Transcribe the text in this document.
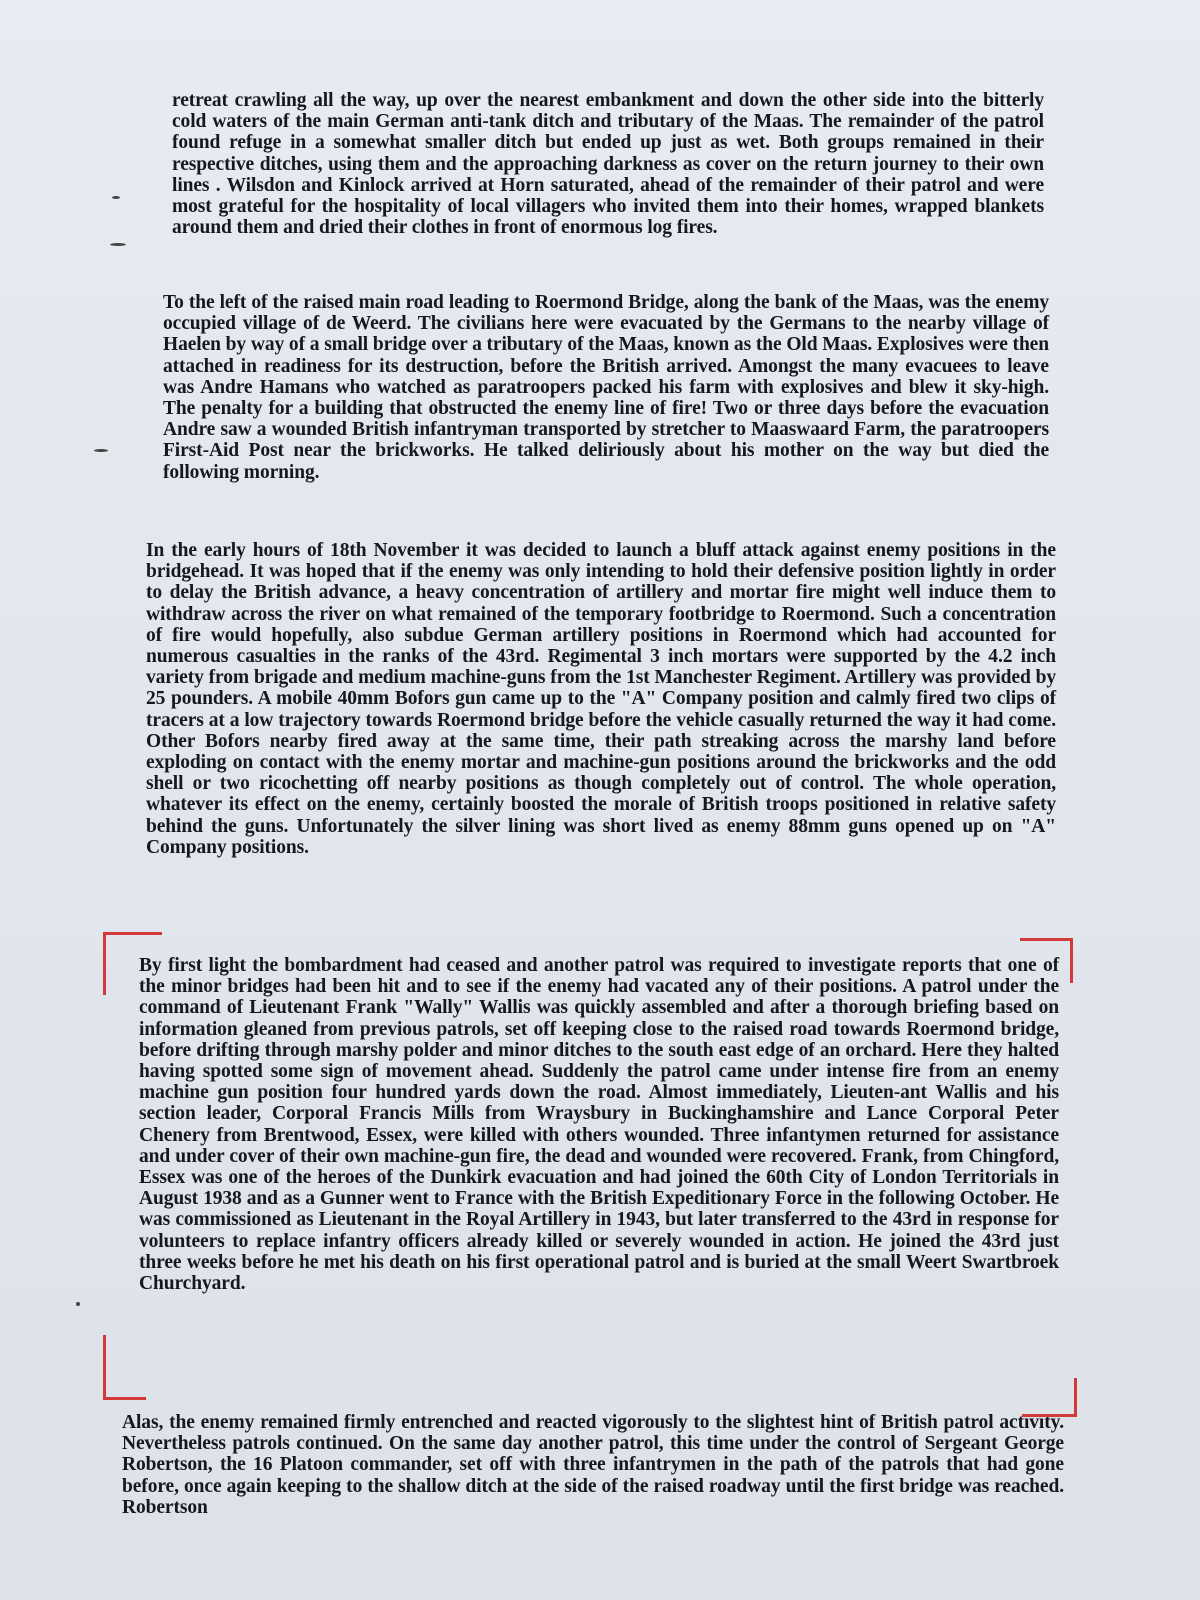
retreat crawling all the way, up over the nearest embankment and down the other side into the bitterly cold waters of the main German anti-tank ditch and tributary of the Maas. The remainder of the patrol found refuge in a somewhat smaller ditch but ended up just as wet. Both groups remained in their respective ditches, using them and the approaching darkness as cover on the return journey to their own lines . Wilsdon and Kinlock arrived at Horn saturated, ahead of the remainder of their patrol and were most grateful for the hospitality of local villagers who invited them into their homes, wrapped blankets around them and dried their clothes in front of enormous log fires.
To the left of the raised main road leading to Roermond Bridge, along the bank of the Maas, was the enemy occupied village of de Weerd. The civilians here were evacuated by the Germans to the nearby village of Haelen by way of a small bridge over a tributary of the Maas, known as the Old Maas. Explosives were then attached in readiness for its destruction, before the British arrived. Amongst the many evacuees to leave was Andre Hamans who watched as paratroopers packed his farm with explosives and blew it sky-high. The penalty for a building that obstructed the enemy line of fire! Two or three days before the evacuation Andre saw a wounded British infantryman transported by stretcher to Maaswaard Farm, the paratroopers First-Aid Post near the brickworks. He talked deliriously about his mother on the way but died the following morning.
In the early hours of 18th November it was decided to launch a bluff attack against enemy positions in the bridgehead. It was hoped that if the enemy was only intending to hold their defensive position lightly in order to delay the British advance, a heavy concentration of artillery and mortar fire might well induce them to withdraw across the river on what remained of the temporary footbridge to Roermond. Such a concentration of fire would hopefully, also subdue German artillery positions in Roermond which had accounted for numerous casualties in the ranks of the 43rd. Regimental 3 inch mortars were supported by the 4.2 inch variety from brigade and medium machine-guns from the 1st Manchester Regiment. Artillery was provided by 25 pounders. A mobile 40mm Bofors gun came up to the "A" Company position and calmly fired two clips of tracers at a low trajectory towards Roermond bridge before the vehicle casually returned the way it had come. Other Bofors nearby fired away at the same time, their path streaking across the marshy land before exploding on contact with the enemy mortar and machine-gun positions around the brickworks and the odd shell or two ricochetting off nearby positions as though completely out of control. The whole operation, whatever its effect on the enemy, certainly boosted the morale of British troops positioned in relative safety behind the guns. Unfortunately the silver lining was short lived as enemy 88mm guns opened up on "A" Company positions.
By first light the bombardment had ceased and another patrol was required to investigate reports that one of the minor bridges had been hit and to see if the enemy had vacated any of their positions. A patrol under the command of Lieutenant Frank "Wally" Wallis was quickly assembled and after a thorough briefing based on information gleaned from previous patrols, set off keeping close to the raised road towards Roermond bridge, before drifting through marshy polder and minor ditches to the south east edge of an orchard. Here they halted having spotted some sign of movement ahead. Suddenly the patrol came under intense fire from an enemy machine gun position four hundred yards down the road. Almost immediately, Lieuten-ant Wallis and his section leader, Corporal Francis Mills from Wraysbury in Buckinghamshire and Lance Corporal Peter Chenery from Brentwood, Essex, were killed with others wounded. Three infantymen returned for assistance and under cover of their own machine-gun fire, the dead and wounded were recovered. Frank, from Chingford, Essex was one of the heroes of the Dunkirk evacuation and had joined the 60th City of London Territorials in August 1938 and as a Gunner went to France with the British Expeditionary Force in the following October. He was commissioned as Lieutenant in the Royal Artillery in 1943, but later transferred to the 43rd in response for volunteers to replace infantry officers already killed or severely wounded in action. He joined the 43rd just three weeks before he met his death on his first operational patrol and is buried at the small Weert Swartbroek Churchyard.
Alas, the enemy remained firmly entrenched and reacted vigorously to the slightest hint of British patrol activity. Nevertheless patrols continued. On the same day another patrol, this time under the control of Sergeant George Robertson, the 16 Platoon commander, set off with three infantrymen in the path of the patrols that had gone before, once again keeping to the shallow ditch at the side of the raised roadway until the first bridge was reached. Robertson
